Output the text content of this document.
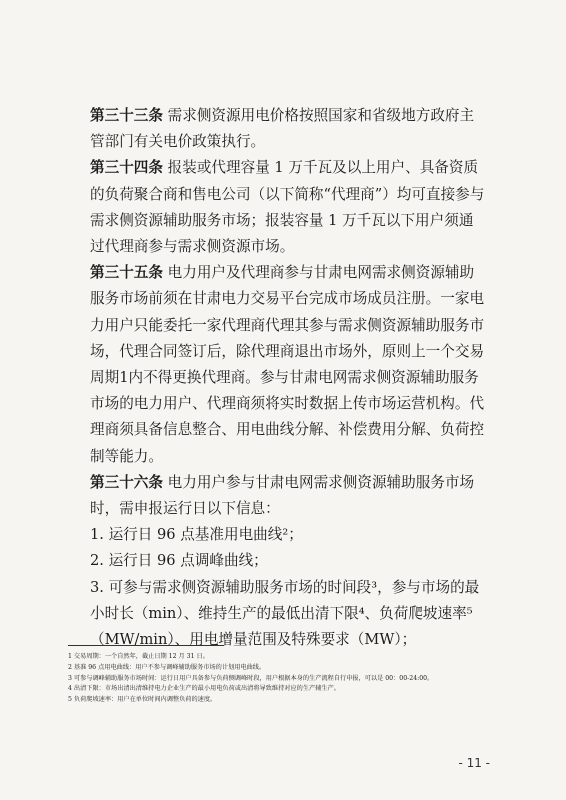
第三十三条 需求侧资源用电价格按照国家和省级地方政府主管部门有关电价政策执行。

第三十四条 报装或代理容量 1 万千瓦及以上用户、具备资质的负荷聚合商和售电公司（以下简称“代理商”）均可直接参与需求侧资源辅助服务市场；报装容量 1 万千瓦以下用户须通过代理商参与需求侧资源市场。

第三十五条 电力用户及代理商参与甘肃电网需求侧资源辅助服务市场前须在甘肃电力交易平台完成市场成员注册。一家电力用户只能委托一家代理商代理其参与需求侧资源辅助服务市场，代理合同签订后，除代理商退出市场外，原则上一个交易周期1内不得更换代理商。参与甘肃电网需求侧资源辅助服务市场的电力用户、代理商须将实时数据上传市场运营机构。代理商须具备信息整合、用电曲线分解、补偿费用分解、负荷控制等能力。

第三十六条 电力用户参与甘肃电网需求侧资源辅助服务市场时，需申报运行日以下信息：

1. 运行日 96 点基准用电曲线²；

2. 运行日 96 点调峰曲线；

3. 可参与需求侧资源辅助服务市场的时间段³，参与市场的最小时长（min）、维持生产的最低出清下限⁴、负荷爬坡速率⁵（MW/min）、用电增量范围及特殊要求（MW）；

1 交易周期：一个自然年，截止日期 12 月 31 日。

2 基准 96 点用电曲线：用户不参与调峰辅助服务市场的计划用电曲线。

3 可参与调峰辅助服务市场时间：运行日用户具备参与负荷侧调峰时段，用户根据本身的生产流程自行申报，可以是 00：00-24:00。

4 出清下限：市场出清出清维持电力企业生产的最小用电负荷或出清将导致维持对应的生产辅生产。

5 负荷爬坡速率：用户在单位时间内调整负荷的速度。

- 11 -
